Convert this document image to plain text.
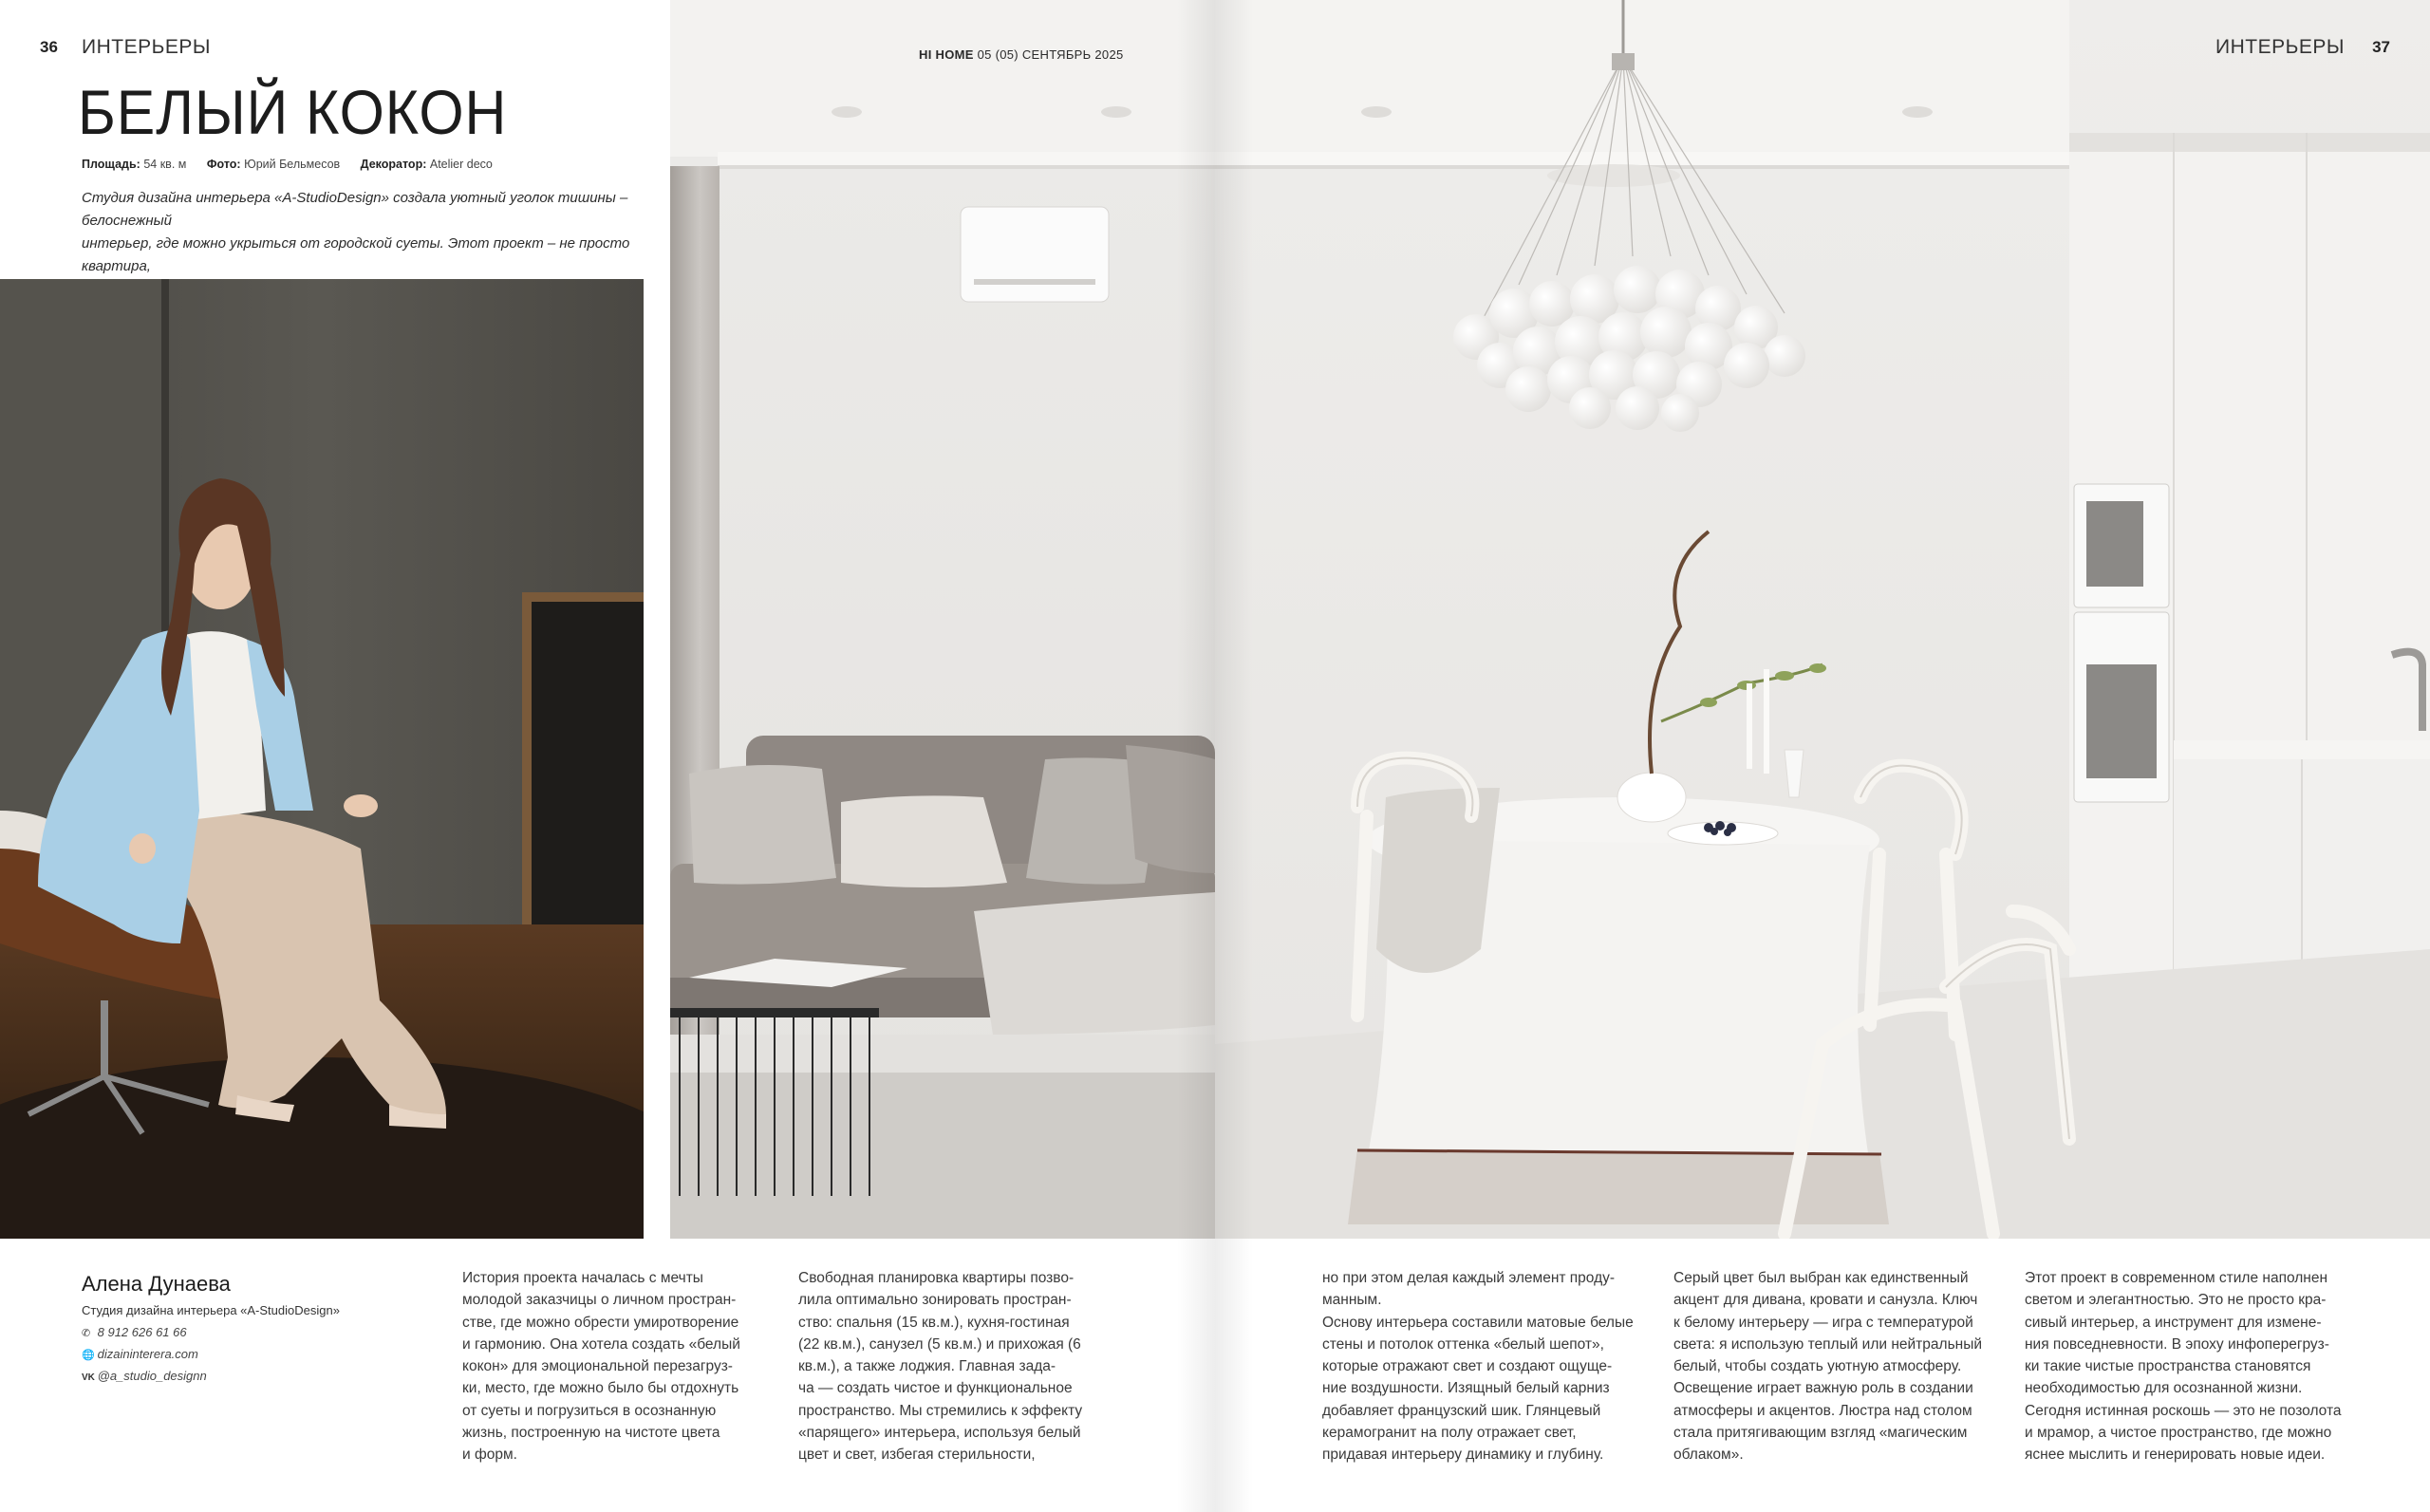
36 ИНТЕРЬЕРЫ
БЕЛЫЙ КОКОН
Площадь: 54 кв. м Фото: Юрий Бельмесов Декоратор: Atelier deco
Студия дизайна интерьера «A-StudioDesign» создала уютный уголок тишины – белоснежный
интерьер, где можно укрыться от городской суеты. Этот проект – не просто квартира,
HI HOME 05 (05) СЕНТЯБРЬ 2025
Алена Дунаева
Студия дизайна интерьера «A-StudioDesign»
✆ 8 912 626 61 66
🌐 dizaininterera.com
VK @a_studio_designn

История проекта началась с мечты

молодой заказчицы о личном простран-

стве, где можно обрести умиротворение

и гармонию. Она хотела создать «белый

кокон» для эмоциональной перезагруз-

ки, место, где можно было бы отдохнуть

от суеты и погрузиться в осознанную

жизнь, построенную на чистоте цвета

и форм.

Свободная планировка квартиры позво-

лила оптимально зонировать простран-

ство: спальня (15 кв.м.), кухня-гостиная

(22 кв.м.), санузел (5 кв.м.) и прихожая (6

кв.м.), а также лоджия. Главная зада-

ча — создать чистое и функциональное

пространство. Мы стремились к эффекту

«парящего» интерьера, используя белый

цвет и свет, избегая стерильности,

ИНТЕРЬЕРЫ 37

но при этом делая каждый элемент проду-

манным.

Основу интерьера составили матовые белые

стены и потолок оттенка «белый шепот»,

которые отражают свет и создают ощуще-

ние воздушности. Изящный белый карниз

добавляет французский шик. Глянцевый

керамогранит на полу отражает свет,

придавая интерьеру динамику и глубину.

Серый цвет был выбран как единственный

акцент для дивана, кровати и санузла. Ключ

к белому интерьеру — игра с температурой

света: я использую теплый или нейтральный

белый, чтобы создать уютную атмосферу.

Освещение играет важную роль в создании

атмосферы и акцентов. Люстра над столом

стала притягивающим взгляд «магическим

облаком».

Этот проект в современном стиле наполнен

светом и элегантностью. Это не просто кра-

сивый интерьер, а инструмент для измене-

ния повседневности. В эпоху инфоперегруз-

ки такие чистые пространства становятся

необходимостью для осознанной жизни.

Сегодня истинная роскошь — это не позолота

и мрамор, а чистое пространство, где можно

яснее мыслить и генерировать новые идеи.
